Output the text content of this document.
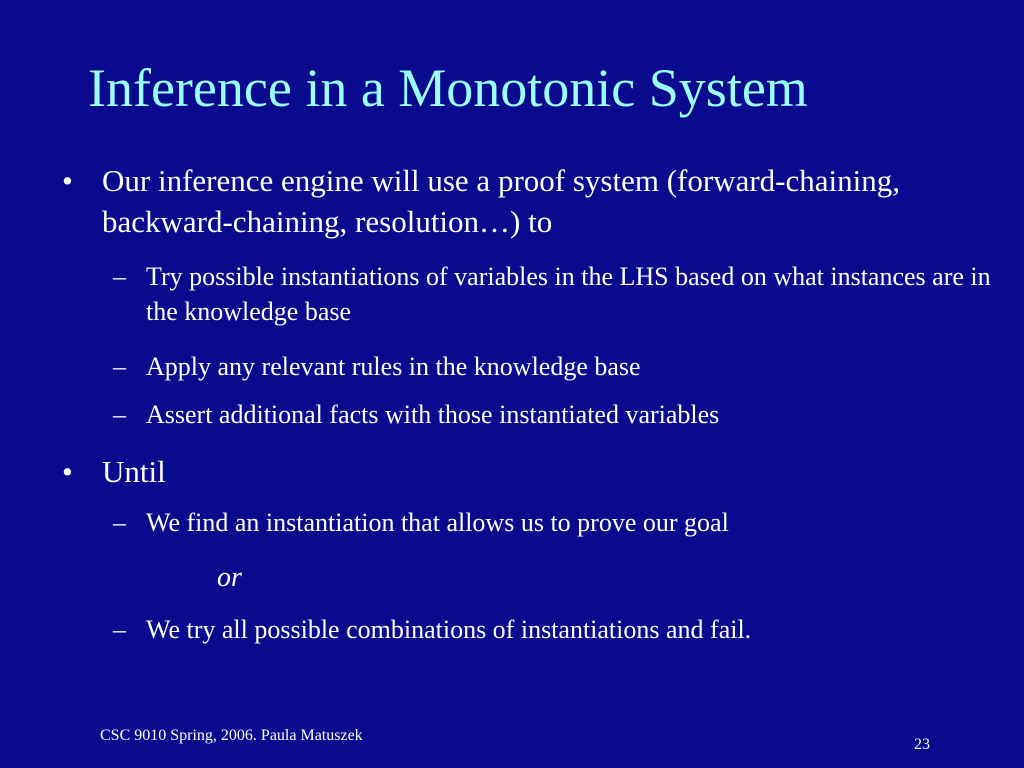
Inference in a Monotonic System
• Our inference engine will use a proof system (forward-chaining, backward-chaining, resolution…) to
– Try possible instantiations of variables in the LHS based on what instances are in the knowledge base
– Apply any relevant rules in the knowledge base
– Assert additional facts with those instantiated variables
• Until
– We find an instantiation that allows us to prove our goal
or
– We try all possible combinations of instantiations and fail.
CSC 9010 Spring, 2006. Paula Matuszek
23
